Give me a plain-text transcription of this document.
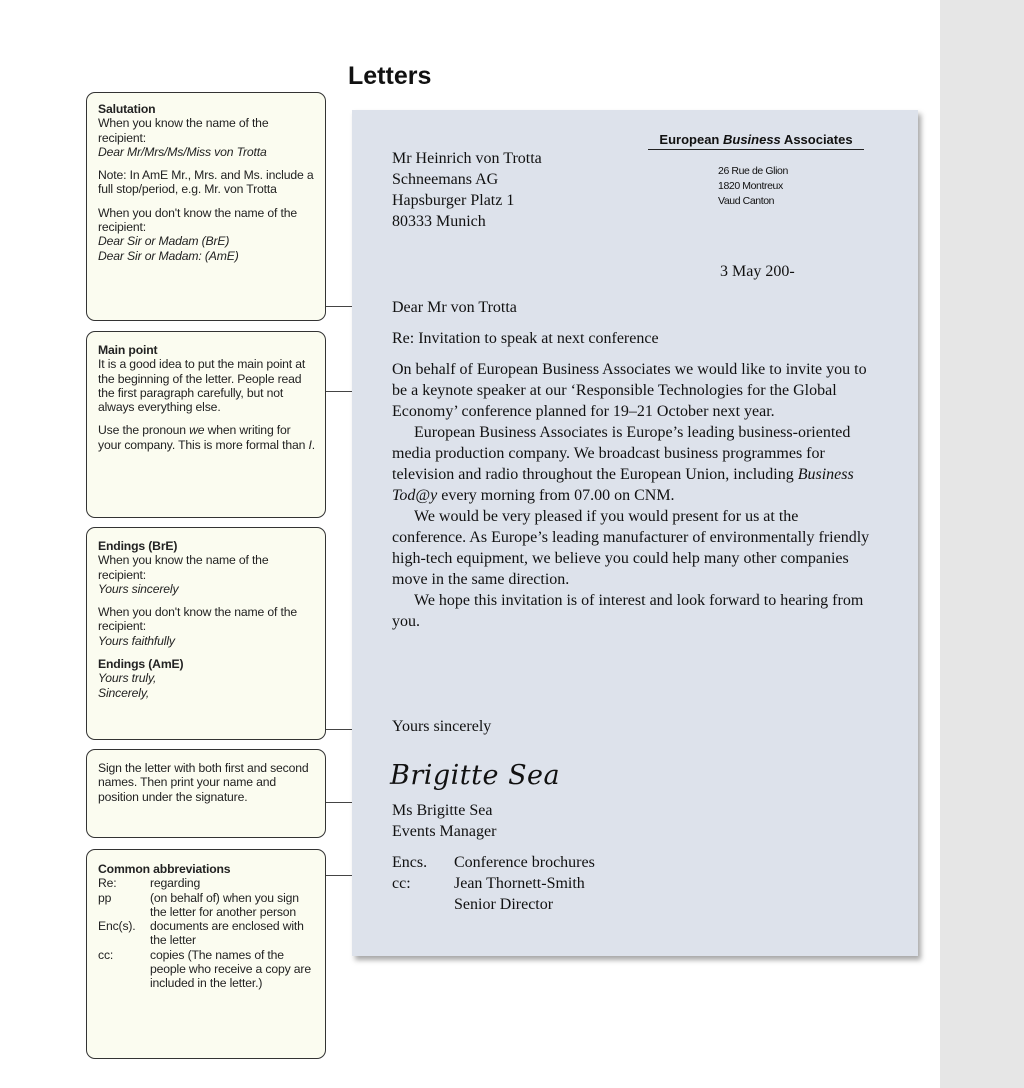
Letters

Salutation
When you know the name of the recipient:
Dear Mr/Mrs/Ms/Miss von Trotta

Note: In AmE Mr., Mrs. and Ms. include a full stop/period, e.g. Mr. von Trotta

When you don't know the name of the recipient:
Dear Sir or Madam (BrE)
Dear Sir or Madam: (AmE)

Main point
It is a good idea to put the main point at the beginning of the letter. People read the first paragraph carefully, but not always everything else.

Use the pronoun we when writing for your company. This is more formal than I.

Endings (BrE)
When you know the name of the recipient:
Yours sincerely

When you don't know the name of the recipient:
Yours faithfully

Endings (AmE)
Yours truly,
Sincerely,

Sign the letter with both first and second names. Then print your name and position under the signature.

Common abbreviations
Re:	regarding
pp	(on behalf of) when you sign the letter for another person
Enc(s).	documents are enclosed with the letter
cc:	copies (The names of the people who receive a copy are included in the letter.)
European Business Associates
26 Rue de Glion
1820 Montreux
Vaud Canton
Mr Heinrich von Trotta
Schneemans AG
Hapsburger Platz 1
80333 Munich
3 May 200-
Dear Mr von Trotta
Re: Invitation to speak at next conference
On behalf of European Business Associates we would like to invite you to be a keynote speaker at our ‘Responsible Technologies for the Global Economy’ conference planned for 19–21 October next year.
European Business Associates is Europe’s leading business-oriented media production company. We broadcast business programmes for television and radio throughout the European Union, including Business Tod@y every morning from 07.00 on CNM.
We would be very pleased if you would present for us at the conference. As Europe’s leading manufacturer of environmentally friendly high-tech equipment, we believe you could help many other companies move in the same direction.
We hope this invitation is of interest and look forward to hearing from you.
Yours sincerely
Brigitte Sea
Ms Brigitte Sea
Events Manager
Encs.	Conference brochures
cc:	Jean Thornett-Smith
Senior Director
